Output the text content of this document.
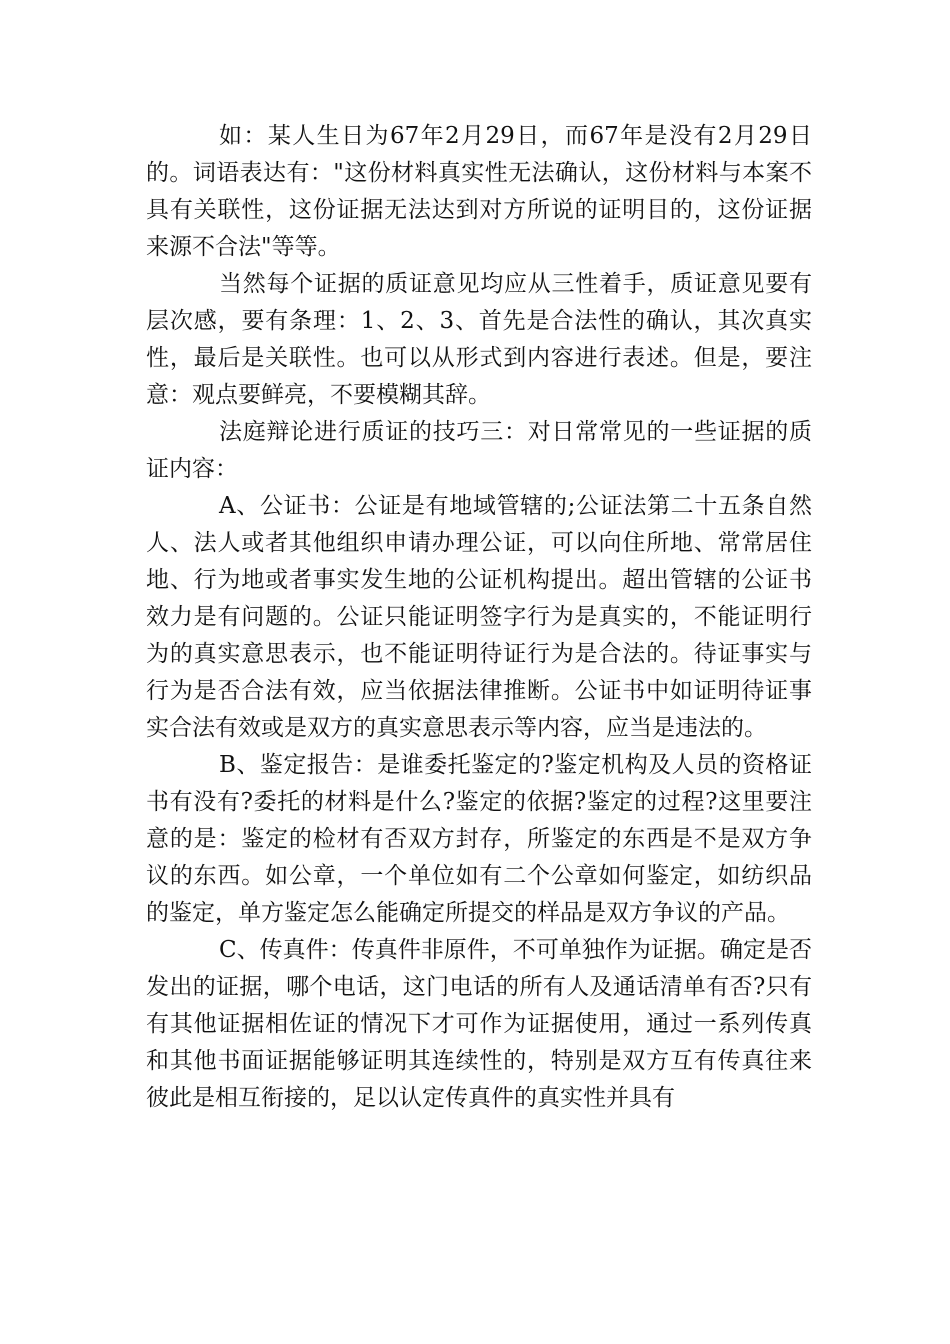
如：某人生日为67年2月29日，而67年是没有2月29日的。词语表达有："这份材料真实性无法确认，这份材料与本案不具有关联性，这份证据无法达到对方所说的证明目的，这份证据来源不合法"等等。

当然每个证据的质证意见均应从三性着手，质证意见要有层次感，要有条理：1、2、3、首先是合法性的确认，其次真实性，最后是关联性。也可以从形式到内容进行表述。但是，要注意：观点要鲜亮，不要模糊其辞。

法庭辩论进行质证的技巧三：对日常常见的一些证据的质证内容：

A、公证书：公证是有地域管辖的;公证法第二十五条自然人、法人或者其他组织申请办理公证，可以向住所地、常常居住地、行为地或者事实发生地的公证机构提出。超出管辖的公证书效力是有问题的。公证只能证明签字行为是真实的，不能证明行为的真实意思表示，也不能证明待证行为是合法的。待证事实与行为是否合法有效，应当依据法律推断。公证书中如证明待证事实合法有效或是双方的真实意思表示等内容，应当是违法的。

B、鉴定报告：是谁委托鉴定的?鉴定机构及人员的资格证书有没有?委托的材料是什么?鉴定的依据?鉴定的过程?这里要注意的是：鉴定的检材有否双方封存，所鉴定的东西是不是双方争议的东西。如公章，一个单位如有二个公章如何鉴定，如纺织品的鉴定，单方鉴定怎么能确定所提交的样品是双方争议的产品。

C、传真件：传真件非原件，不可单独作为证据。确定是否发出的证据，哪个电话，这门电话的所有人及通话清单有否?只有有其他证据相佐证的情况下才可作为证据使用，通过一系列传真和其他书面证据能够证明其连续性的，特别是双方互有传真往来彼此是相互衔接的，足以认定传真件的真实性并具有
